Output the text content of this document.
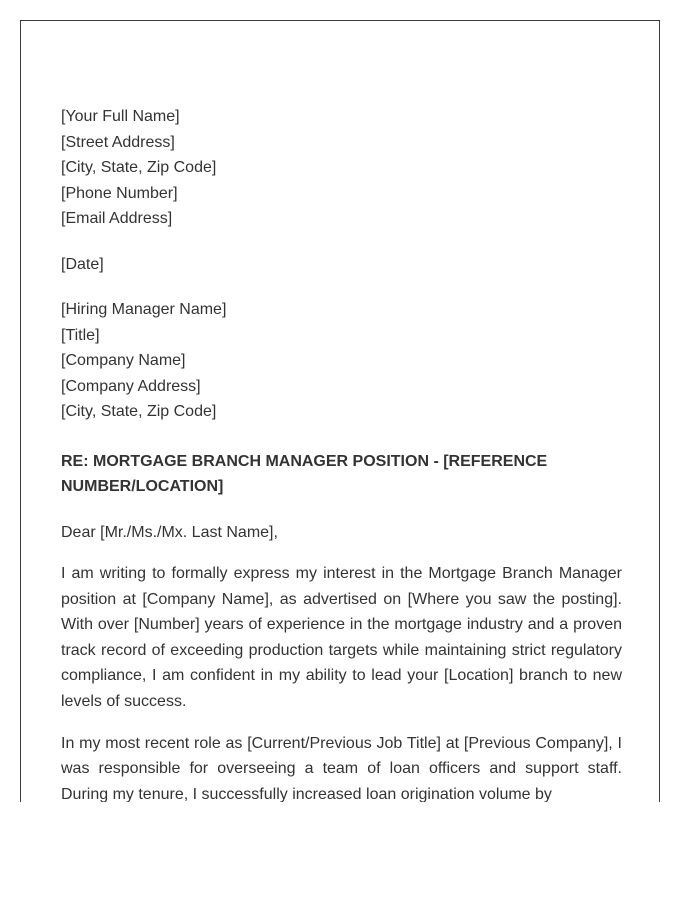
[Your Full Name]
[Street Address]
[City, State, Zip Code]
[Phone Number]
[Email Address]
[Date]
[Hiring Manager Name]
[Title]
[Company Name]
[Company Address]
[City, State, Zip Code]
RE: MORTGAGE BRANCH MANAGER POSITION - [REFERENCE NUMBER/LOCATION]
Dear [Mr./Ms./Mx. Last Name],

I am writing to formally express my interest in the Mortgage Branch Manager position at [Company Name], as advertised on [Where you saw the posting]. With over [Number] years of experience in the mortgage industry and a proven track record of exceeding production targets while maintaining strict regulatory compliance, I am confident in my ability to lead your [Location] branch to new levels of success.

In my most recent role as [Current/Previous Job Title] at [Previous Company], I was responsible for overseeing a team of loan officers and support staff. During my tenure, I successfully increased loan origination volume by
